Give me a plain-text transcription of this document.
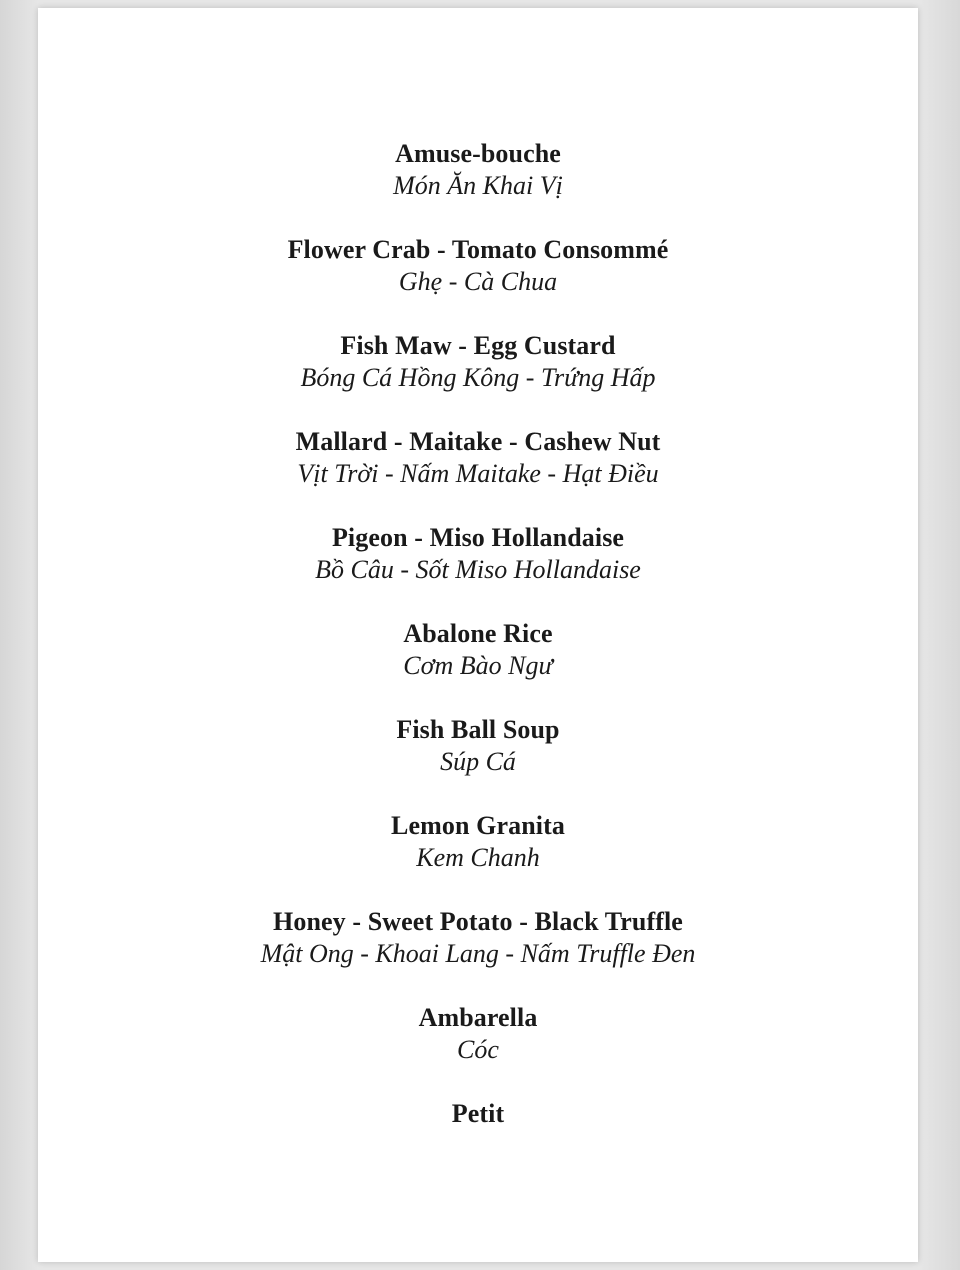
Amuse-bouche
Món Ăn Khai Vị
Flower Crab - Tomato Consommé
Ghẹ - Cà Chua
Fish Maw - Egg Custard
Bóng Cá Hồng Kông - Trứng Hấp
Mallard - Maitake - Cashew Nut
Vịt Trời - Nấm Maitake - Hạt Điều
Pigeon - Miso Hollandaise
Bồ Câu - Sốt Miso Hollandaise
Abalone Rice
Cơm Bào Ngư
Fish Ball Soup
Súp Cá
Lemon Granita
Kem Chanh
Honey - Sweet Potato - Black Truffle
Mật Ong - Khoai Lang - Nấm Truffle Đen
Ambarella
Cóc
Petit
